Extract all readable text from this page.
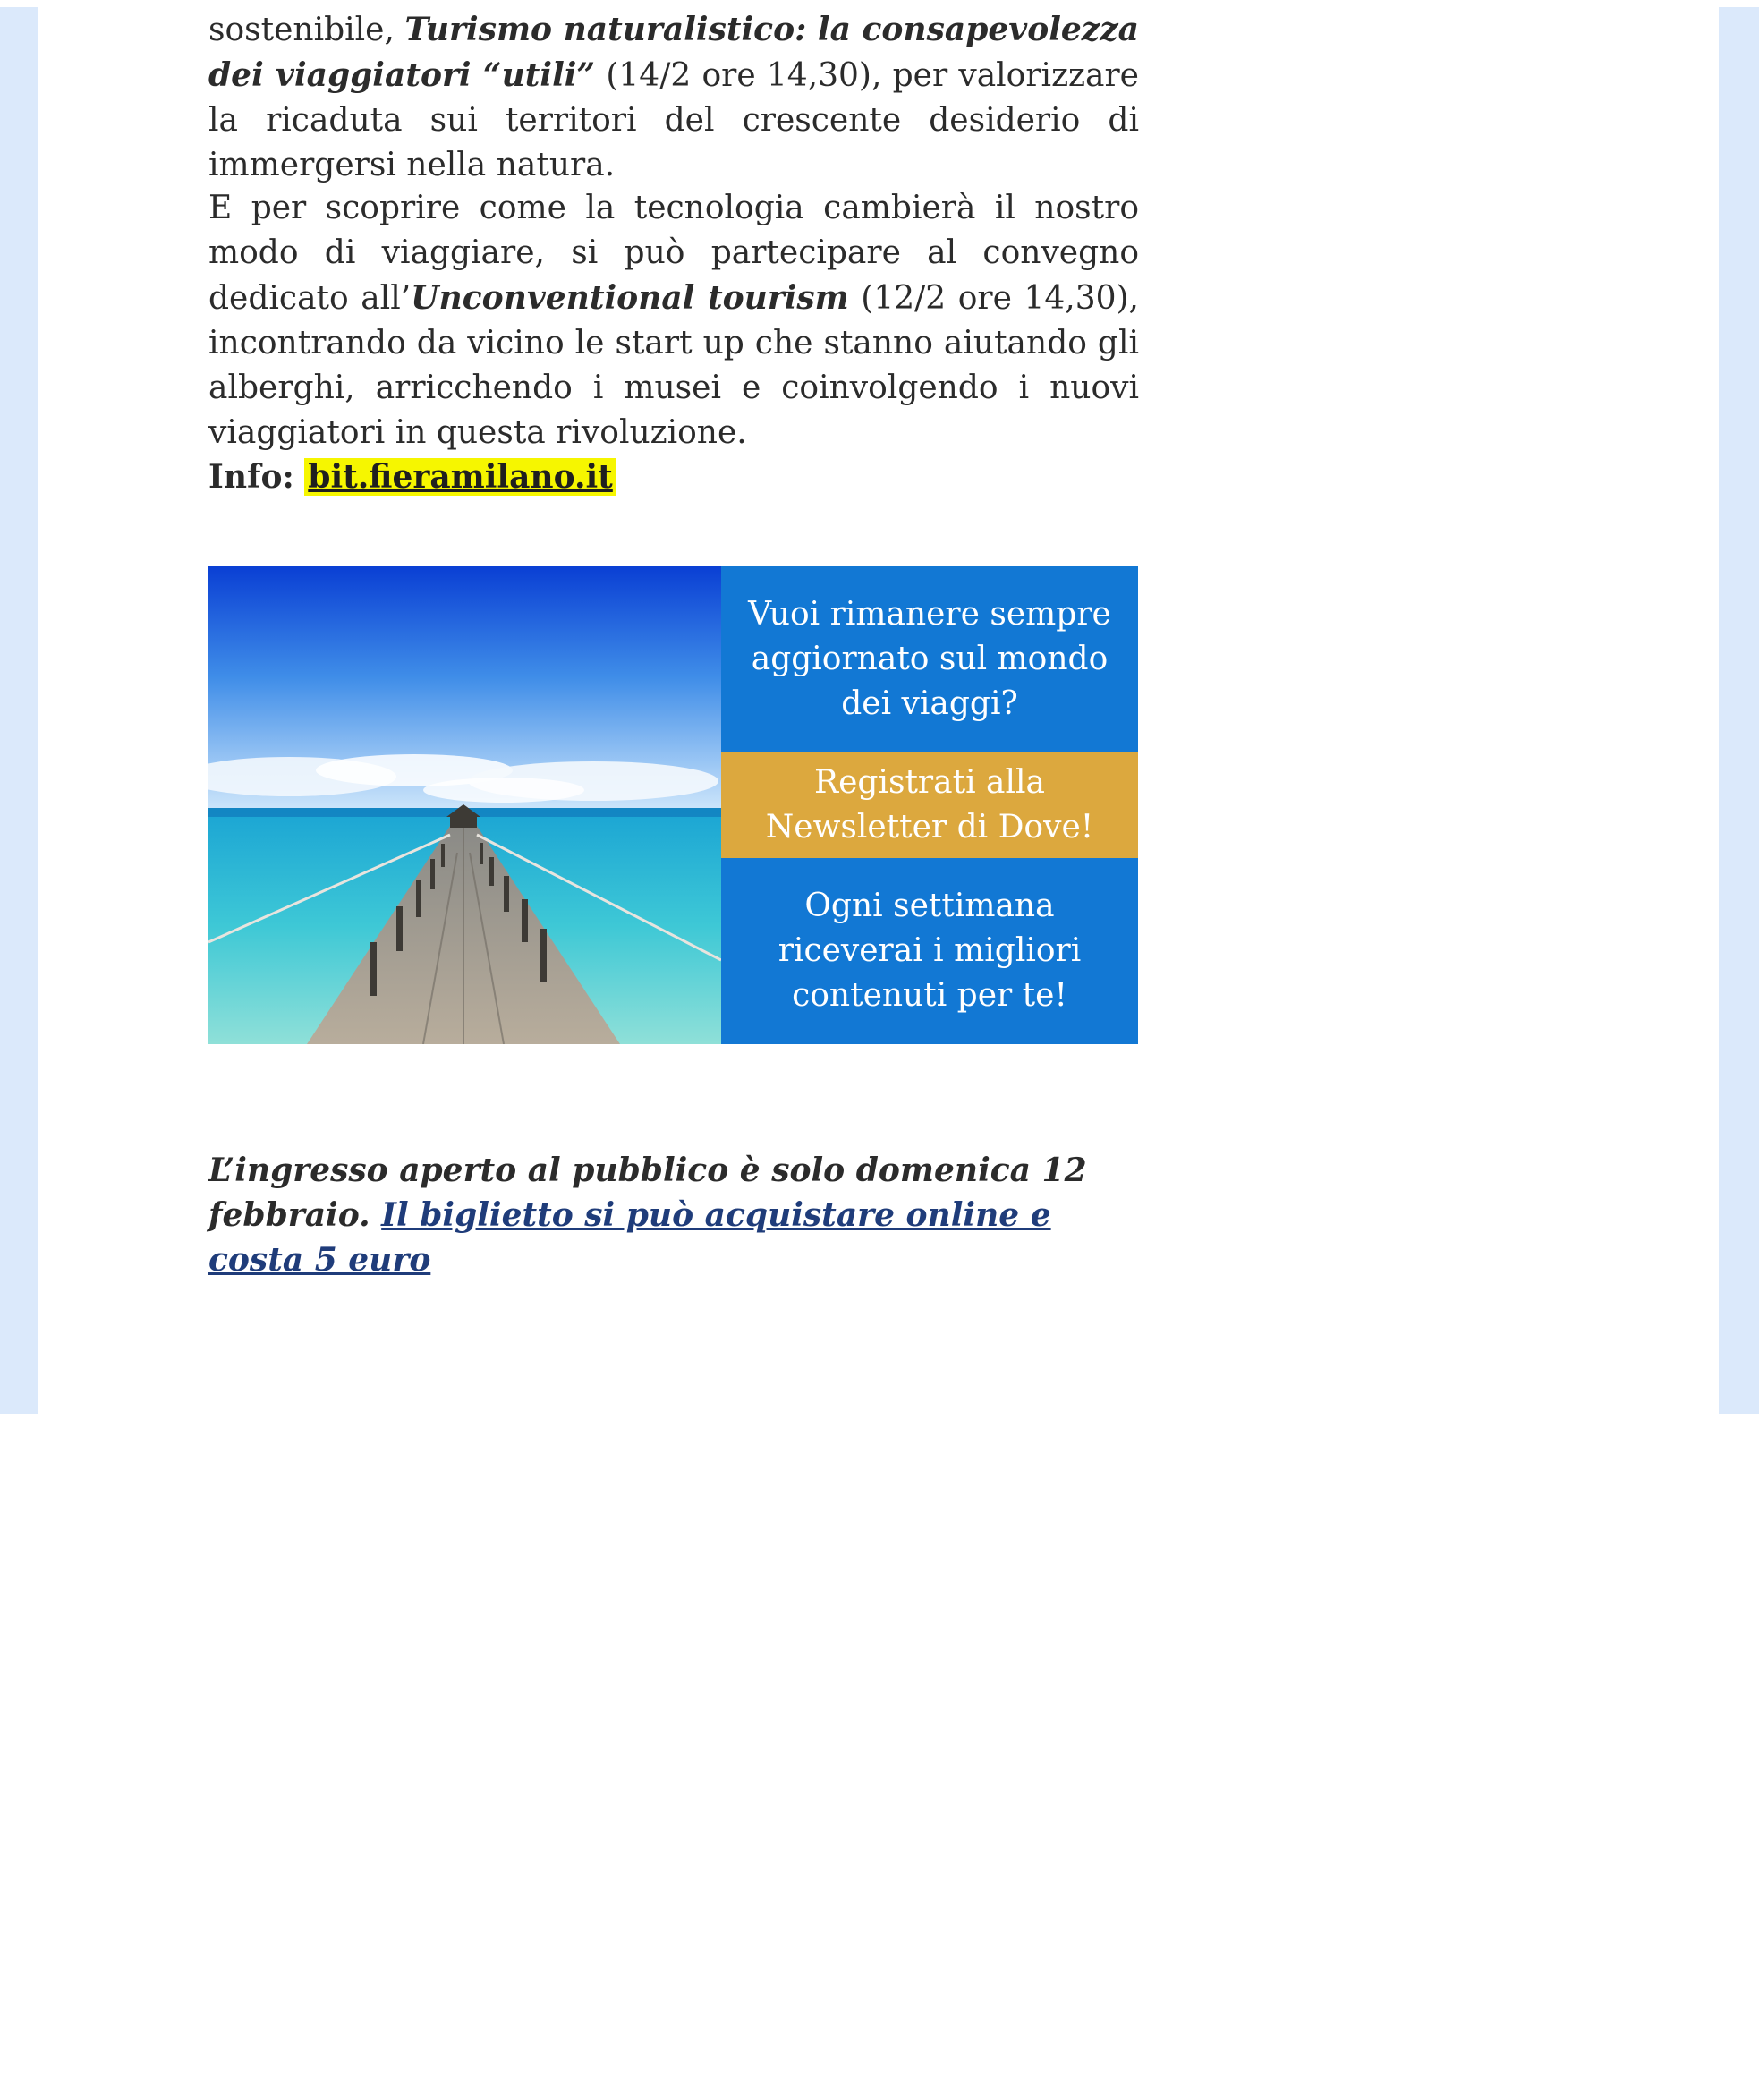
sostenibile, Turismo naturalistico: la consapevolezza dei viaggiatori “utili” (14/2 ore 14,30), per valorizzare la ricaduta sui territori del crescente desiderio di immergersi nella natura.

E per scoprire come la tecnologia cambierà il nostro modo di viaggiare, si può partecipare al convegno dedicato all’Unconventional tourism (12/2 ore 14,30), incontrando da vicino le start up che stanno aiutando gli alberghi, arricchendo i musei e coinvolgendo i nuovi viaggiatori in questa rivoluzione.

Info: bit.fieramilano.it
Vuoi rimanere sempre aggiornato sul mondo dei viaggi?
Registrati alla Newsletter di Dove!
Ogni settimana riceverai i migliori contenuti per te!
L’ingresso aperto al pubblico è solo domenica 12 febbraio. Il biglietto si può acquistare online e costa 5 euro
